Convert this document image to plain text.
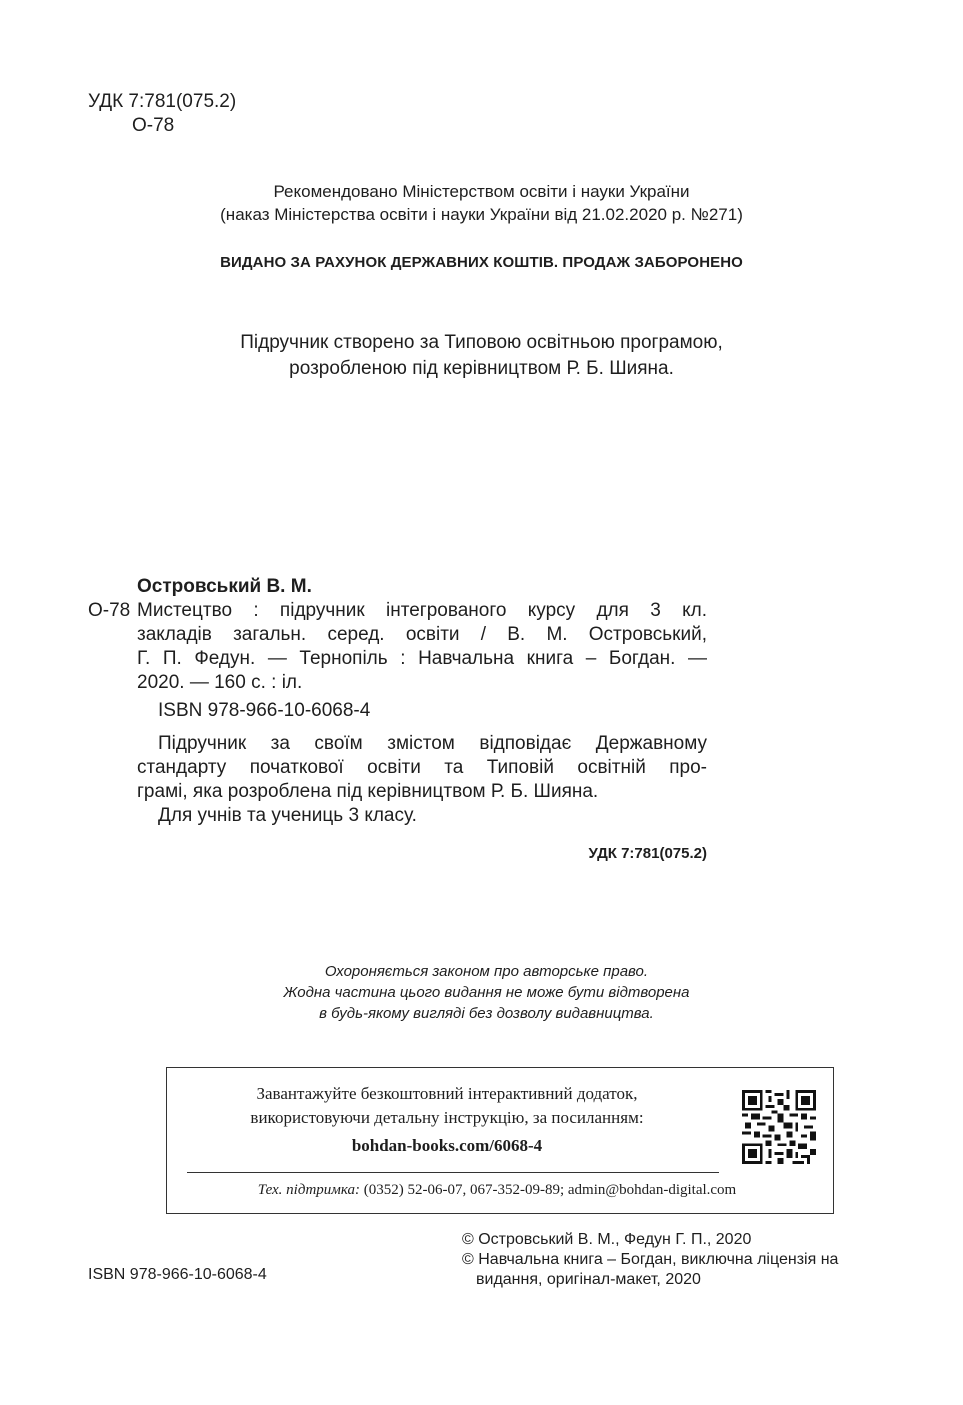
УДК 7:781(075.2)
О-78
Рекомендовано Міністерством освіти і науки України
(наказ Міністерства освіти і науки України від 21.02.2020 р. №271)
ВИДАНО ЗА РАХУНОК ДЕРЖАВНИХ КОШТІВ. ПРОДАЖ ЗАБОРОНЕНО
Підручник створено за Типовою освітньою програмою,
розробленою під керівництвом Р. Б. Шияна.
Островський В. М.
О-78 Мистецтво : підручник інтегрованого курсу для 3 кл.
закладів загальн. серед. освіти / В. М. Островський,
Г. П. Федун. — Тернопіль : Навчальна книга – Богдан. —
2020. — 160 с. : іл.
ISBN 978-966-10-6068-4
Підручник за своїм змістом відповідає Державному
стандарту початкової освіти та Типовій освітній про-
грамі, яка розроблена під керівництвом Р. Б. Шияна.
Для учнів та учениць 3 класу.
УДК 7:781(075.2)
Охороняється законом про авторське право.
Жодна частина цього видання не може бути відтворена
в будь-якому вигляді без дозволу видавництва.
Завантажуйте безкоштовний інтерактивний додаток,
використовуючи детальну інструкцію, за посиланням:
bohdan-books.com/6068-4
Тех. підтримка: (0352) 52-06-07, 067-352-09-89; admin@bohdan-digital.com
© Островський В. М., Федун Г. П., 2020
© Навчальна книга – Богдан, виключна ліцензія на
видання, оригінал-макет, 2020
ISBN 978-966-10-6068-4
